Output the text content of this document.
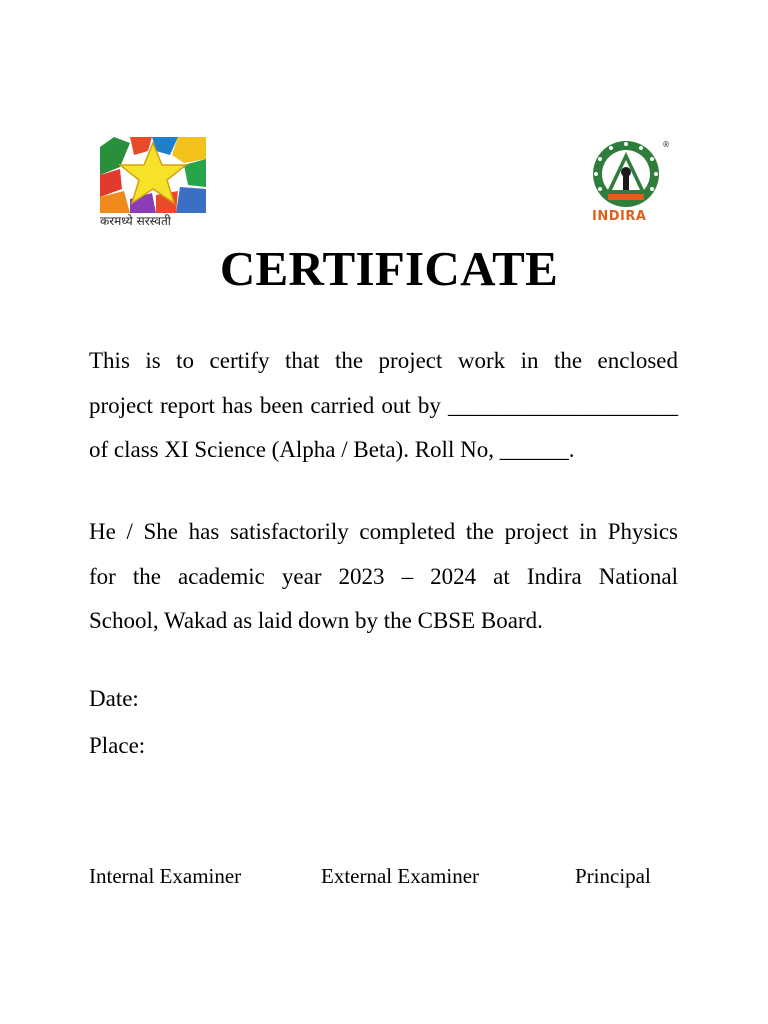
करमध्ये सरस्वती
®
INDIRA
CERTIFICATE
This is to certify that the project work in the enclosed
project report has been carried out by ____________________
of class XI Science (Alpha / Beta). Roll No, ______.
He / She has satisfactorily completed the project in Physics
for the academic year 2023 – 2024 at Indira National
School, Wakad as laid down by the CBSE Board.

Date:

Place:

Internal Examiner	External Examiner	Principal
